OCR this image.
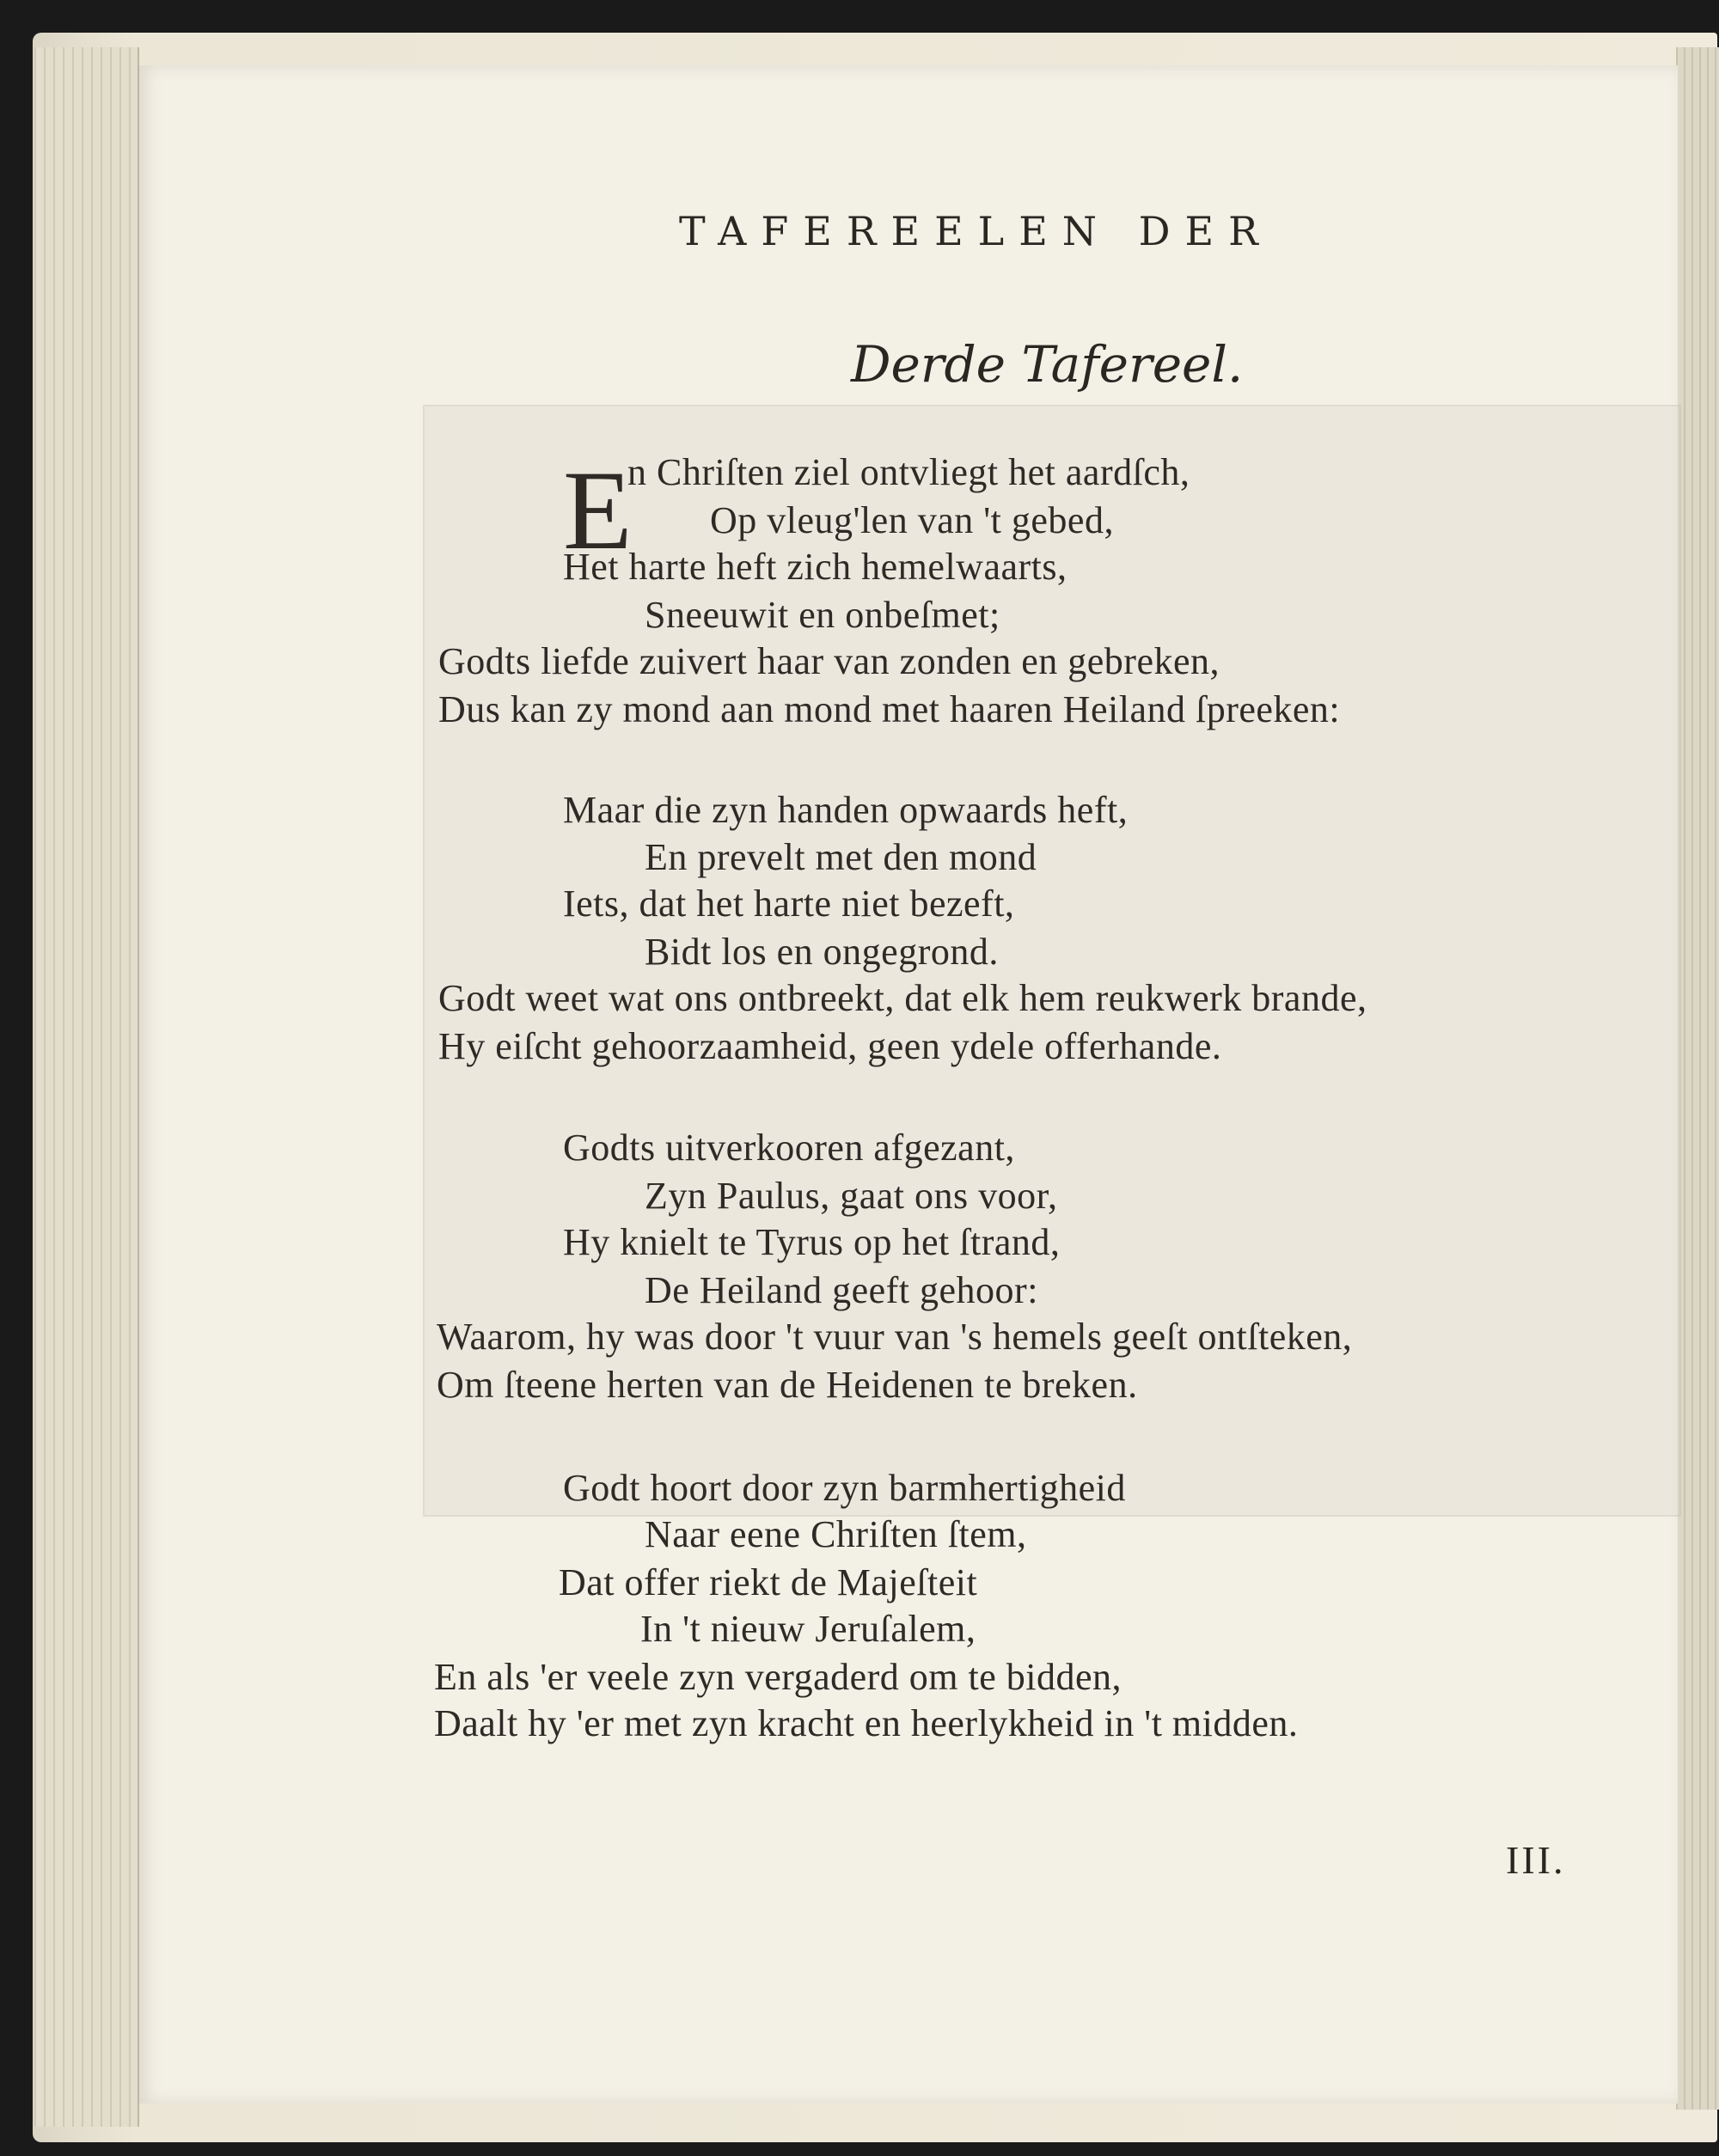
TAFEREELEN DER
Derde Tafereel.
E
n Chriſten ziel ontvliegt het aardſch,
Op vleug'len van 't gebed,
Het harte heft zich hemelwaarts,
Sneeuwit en onbeſmet;
Godts liefde zuivert haar van zonden en gebreken,
Dus kan zy mond aan mond met haaren Heiland ſpreeken:
Maar die zyn handen opwaards heft,
En prevelt met den mond
Iets, dat het harte niet bezeft,
Bidt los en ongegrond.
Godt weet wat ons ontbreekt, dat elk hem reukwerk brande,
Hy eiſcht gehoorzaamheid, geen ydele offerhande.
Godts uitverkooren afgezant,
Zyn Paulus, gaat ons voor,
Hy knielt te Tyrus op het ſtrand,
De Heiland geeft gehoor:
Waarom, hy was door 't vuur van 's hemels geeſt ontſteken,
Om ſteene herten van de Heidenen te breken.
Godt hoort door zyn barmhertigheid
Naar eene Chriſten ſtem,
Dat offer riekt de Majeſteit
In 't nieuw Jeruſalem,
En als 'er veele zyn vergaderd om te bidden,
Daalt hy 'er met zyn kracht en heerlykheid in 't midden.
III.
